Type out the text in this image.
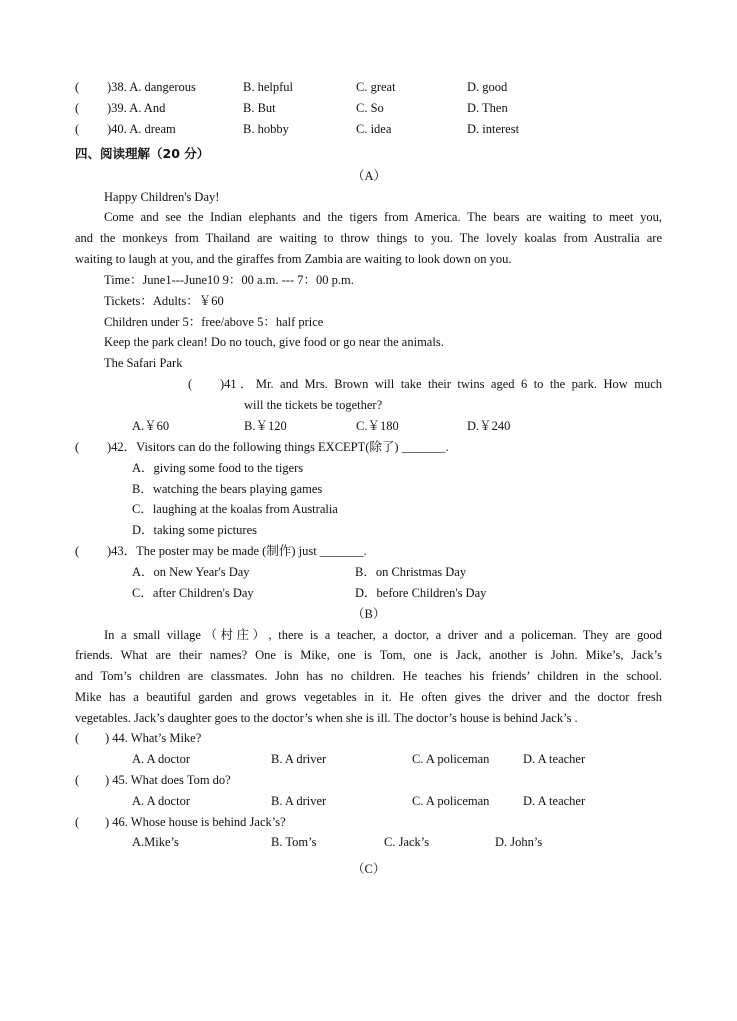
( )38. A. dangerous	B. helpful	C. great	D. good
( )39. A. And	B. But	C. So	D. Then
( )40. A. dream	B. hobby	C. idea	D. interest
四、阅读理解（20 分）
（A）
Happy Children's Day!
Come and see the Indian elephants and the tigers from America. The bears are waiting to meet you,
and the monkeys from Thailand are waiting to throw things to you. The lovely koalas from Australia are
waiting to laugh at you, and the giraffes from Zambia are waiting to look down on you.
Time：June1---June10 9：00 a.m. --- 7：00 p.m.
Tickets：Adults：￥60
Children under 5：free/above 5：half price
Keep the park clean! Do no touch, give food or go near the animals.
The Safari Park
( )41．Mr. and Mrs. Brown will take their twins aged 6 to the park. How much
will the tickets be together?
A.￥60	B.￥120	C.￥180	D.￥240
( )42．Visitors can do the following things EXCEPT(除了) _______.
A．giving some food to the tigers
B．watching the bears playing games
C．laughing at the koalas from Australia
D．taking some pictures
( )43．The poster may be made (制作) just _______.
A．on New Year's Day	B．on Christmas Day
C．after Children's Day	D．before Children's Day
（B）
In a small village（村庄）, there is a teacher, a doctor, a driver and a policeman. They are good
friends. What are their names? One is Mike, one is Tom, one is Jack, another is John. Mike’s, Jack’s
and Tom’s children are classmates. John has no children. He teaches his friends’ children in the school.
Mike has a beautiful garden and grows vegetables in it. He often gives the driver and the doctor fresh
vegetables. Jack’s daughter goes to the doctor’s when she is ill. The doctor’s house is behind Jack’s .
( ) 44. What’s Mike?
A. A doctor	B. A driver	C. A policeman	D. A teacher
( ) 45. What does Tom do?
A. A doctor	B. A driver	C. A policeman	D. A teacher
( ) 46. Whose house is behind Jack’s?
A.Mike’s	B. Tom’s	C. Jack’s	D. John’s
（C）
